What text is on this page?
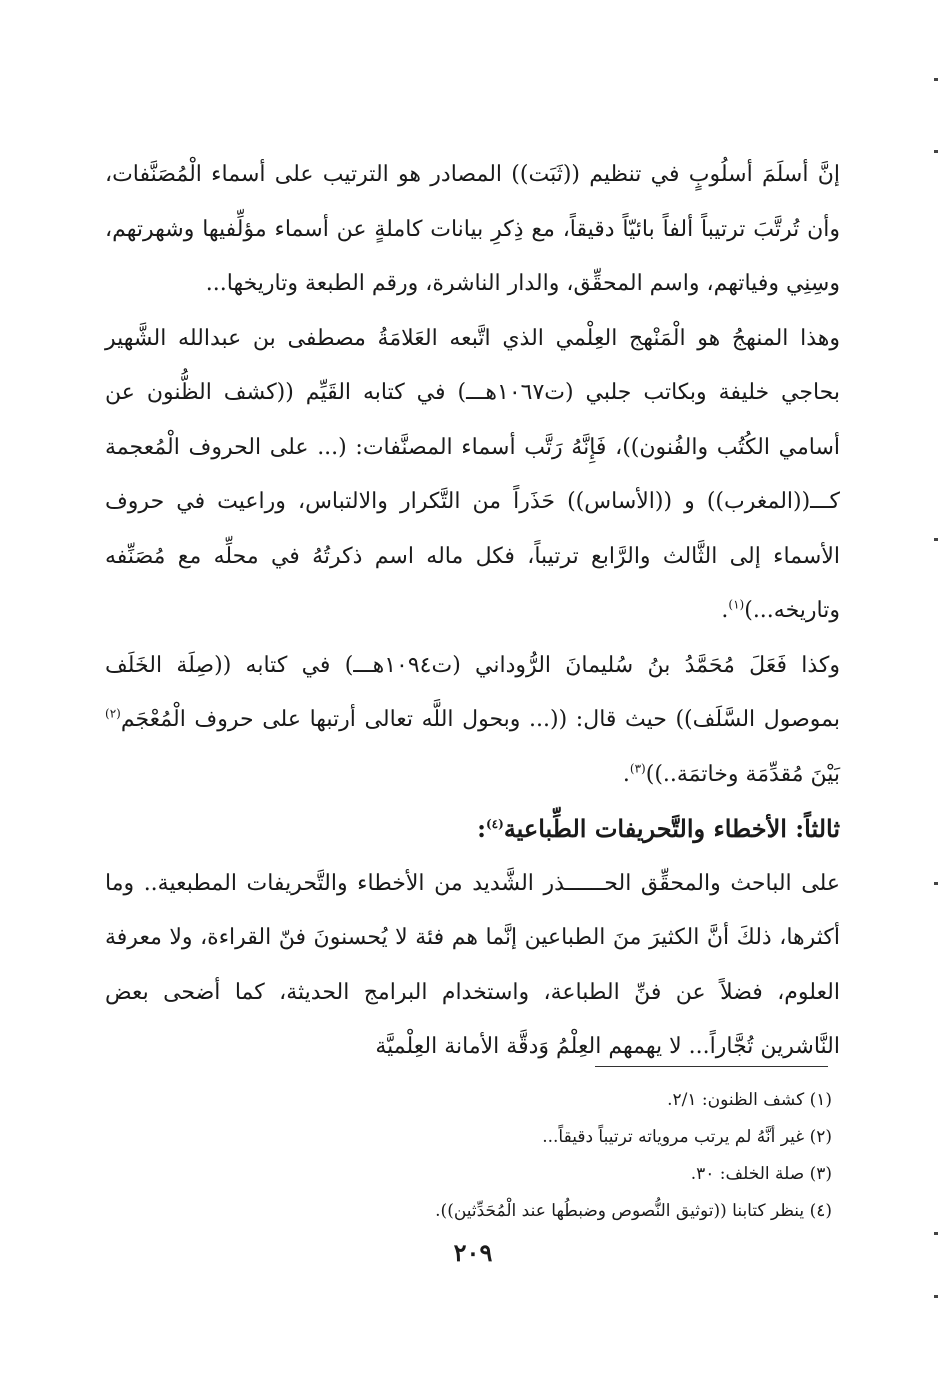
إنَّ أسلَمَ أسلُوبٍ في تنظيم ((ثَبَت)) المصادر هو الترتيب على أسماء الْمُصَنَّفات، وأن تُرتَّبَ ترتيباً ألفاً بائيّاً دقيقاً، مع ذِكرِ بيانات كاملةٍ عن أسماء مؤلِّفيها وشهرتهم، وسِنِي وفياتهم، واسم المحقِّق، والدار الناشرة، ورقم الطبعة وتاريخها...

وهذا المنهجُ هو الْمَنْهج العِلْمي الذي اتَّبعه العَلامَةُ مصطفى بن عبدالله الشَّهير بحاجي خليفة وبكاتب جلبي (ت١٠٦٧هـــ) في كتابه القَيِّم ((كشف الظُّنون عن أسامي الكُتُب والفُنون))، فَإِنَّهُ رَتَّب أسماء المصنَّفات: (... على الحروف الْمُعجمة كـــ((المغرب)) و ((الأساس)) حَذَراً من التَّكرار والالتباس، وراعيت في حروف الأسماء إلى الثَّالث والرَّابع ترتيباً، فكل ماله اسم ذكرتُهُ في محلِّه مع مُصَنِّفه وتاريخه...)$^{(١)}$.

وكذا فَعَلَ مُحَمَّدُ بنُ سُليمانَ الرُّوداني (ت١٠٩٤هـــ) في كتابه ((صِلَة الخَلَف بموصول السَّلَف)) حيث قال: ((... وبحول اللَّه تعالى أرتبها على حروف الْمُعْجَم$^{(٢)}$ بَيْنَ مُقدِّمَة وخاتمَة..))$^{(٣)}$.

ثالثاً: الأخطاء والتَّحريفات الطِّباعية$^{(٤)}$:

على الباحث والمحقِّق الحــــــذر الشَّديد من الأخطاء والتَّحريفات المطبعية.. وما أكثرها، ذلكَ أنَّ الكثيرَ منَ الطباعين إنَّما هم فئة لا يُحسنونَ فنّ القراءة، ولا معرفة العلوم، فضلاً عن فنِّ الطباعة، واستخدام البرامج الحديثة، كما أضحى بعض النَّاشرين تُجَّاراً... لا يهمهم العِلْمُ وَدقَّة الأمانة العِلْميَّة

(١) كشف الظنون: ٢/١.

(٢) غير أنَّهُ لم يرتب مروياته ترتيباً دقيقاً...

(٣) صلة الخلف: ٣٠.

(٤) ينظر كتابنا ((توثيق النُّصوص وضبطُها عند الْمُحَدِّثين)).

٢٠٩
